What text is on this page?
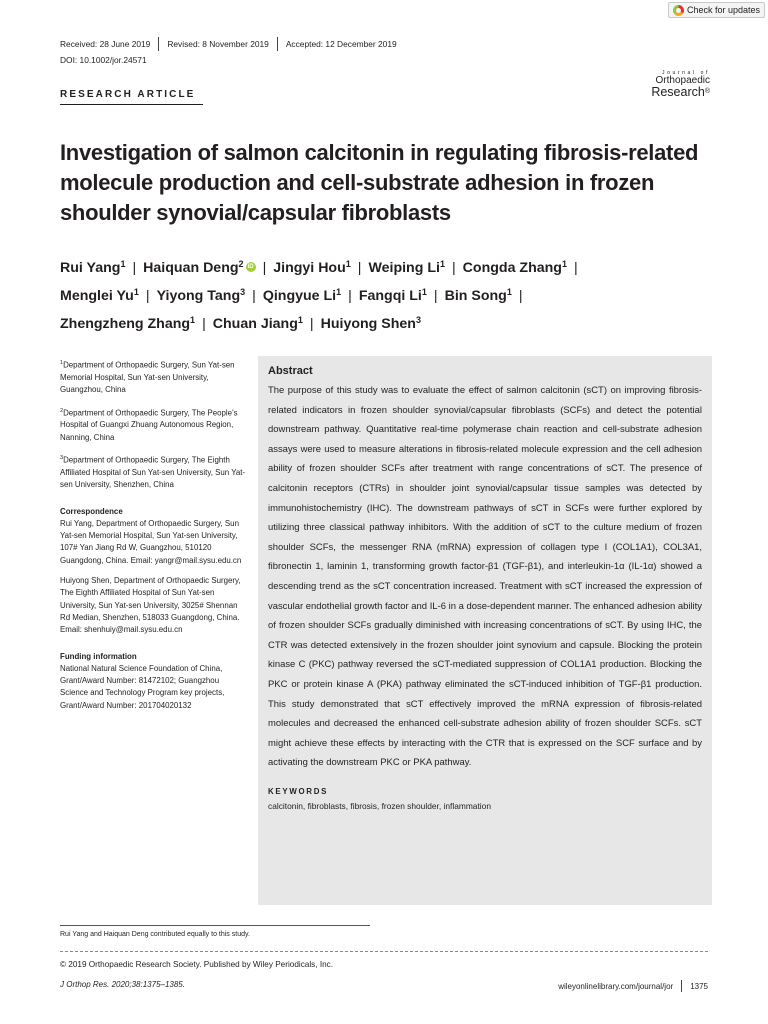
Check for updates
Received: 28 June 2019 Revised: 8 November 2019 Accepted: 12 December 2019
DOI: 10.1002/jor.24571
Journal of
Orthopaedic
Research®
RESEARCH ARTICLE
Investigation of salmon calcitonin in regulating fibrosis-related molecule production and cell-substrate adhesion in frozen shoulder synovial/capsular fibroblasts
Rui Yang$^1$ | Haiquan Deng$^2$ iD | Jingyi Hou$^1$ | Weiping Li$^1$ | Congda Zhang$^1$ |
Menglei Yu$^1$ | Yiyong Tang$^3$ | Qingyue Li$^1$ | Fangqi Li$^1$ | Bin Song$^1$ |
Zhengzheng Zhang$^1$ | Chuan Jiang$^1$ | Huiyong Shen$^3$

$^1$Department of Orthopaedic Surgery, Sun Yat-sen Memorial Hospital, Sun Yat-sen University, Guangzhou, China

$^2$Department of Orthopaedic Surgery, The People's Hospital of Guangxi Zhuang Autonomous Region, Nanning, China

$^3$Department of Orthopaedic Surgery, The Eighth Affiliated Hospital of Sun Yat-sen University, Sun Yat-sen University, Shenzhen, China

Correspondence

Rui Yang, Department of Orthopaedic Surgery, Sun Yat-sen Memorial Hospital, Sun Yat-sen University, 107# Yan Jiang Rd W, Guangzhou, 510120 Guangdong, China. Email: yangr@mail.sysu.edu.cn

Huiyong Shen, Department of Orthopaedic Surgery, The Eighth Affiliated Hospital of Sun Yat-sen University, Sun Yat-sen University, 3025# Shennan Rd Median, Shenzhen, 518033 Guangdong, China. Email: shenhuiy@mail.sysu.edu.cn

Funding information

National Natural Science Foundation of China, Grant/Award Number: 81472102; Guangzhou Science and Technology Program key projects, Grant/Award Number: 201704020132

Abstract
The purpose of this study was to evaluate the effect of salmon calcitonin (sCT) on improving fibrosis-related indicators in frozen shoulder synovial/capsular fibroblasts (SCFs) and detect the potential downstream pathway. Quantitative real-time polymerase chain reaction and cell-substrate adhesion assays were used to measure alterations in fibrosis-related molecule expression and the cell adhesion ability of frozen shoulder SCFs after treatment with range concentrations of sCT. The presence of calcitonin receptors (CTRs) in shoulder joint synovial/capsular tissue samples was detected by immunohistochemistry (IHC). The downstream pathways of sCT in SCFs were further explored by utilizing three classical pathway inhibitors. With the addition of sCT to the culture medium of frozen shoulder SCFs, the messenger RNA (mRNA) expression of collagen type I (COL1A1), COL3A1, fibronectin 1, laminin 1, transforming growth factor-β1 (TGF-β1), and interleukin-1α (IL-1α) showed a descending trend as the sCT concentration increased. Treatment with sCT increased the expression of vascular endothelial growth factor and IL-6 in a dose-dependent manner. The enhanced adhesion ability of frozen shoulder SCFs gradually diminished with increasing concentrations of sCT. By using IHC, the CTR was detected extensively in the frozen shoulder joint synovium and capsule. Blocking the protein kinase C (PKC) pathway reversed the sCT-mediated suppression of COL1A1 production. Blocking the PKC or protein kinase A (PKA) pathway eliminated the sCT-induced inhibition of TGF-β1 production. This study demonstrated that sCT effectively improved the mRNA expression of fibrosis-related molecules and decreased the enhanced cell-substrate adhesion ability of frozen shoulder SCFs. sCT might achieve these effects by interacting with the CTR that is expressed on the SCF surface and by activating the downstream PKC or PKA pathway.
KEYWORDS
calcitonin, fibroblasts, fibrosis, frozen shoulder, inflammation
Rui Yang and Haiquan Deng contributed equally to this study.
© 2019 Orthopaedic Research Society. Published by Wiley Periodicals, Inc.
J Orthop Res. 2020;38:1375–1385.	wileyonlinelibrary.com/journal/jor 1375
